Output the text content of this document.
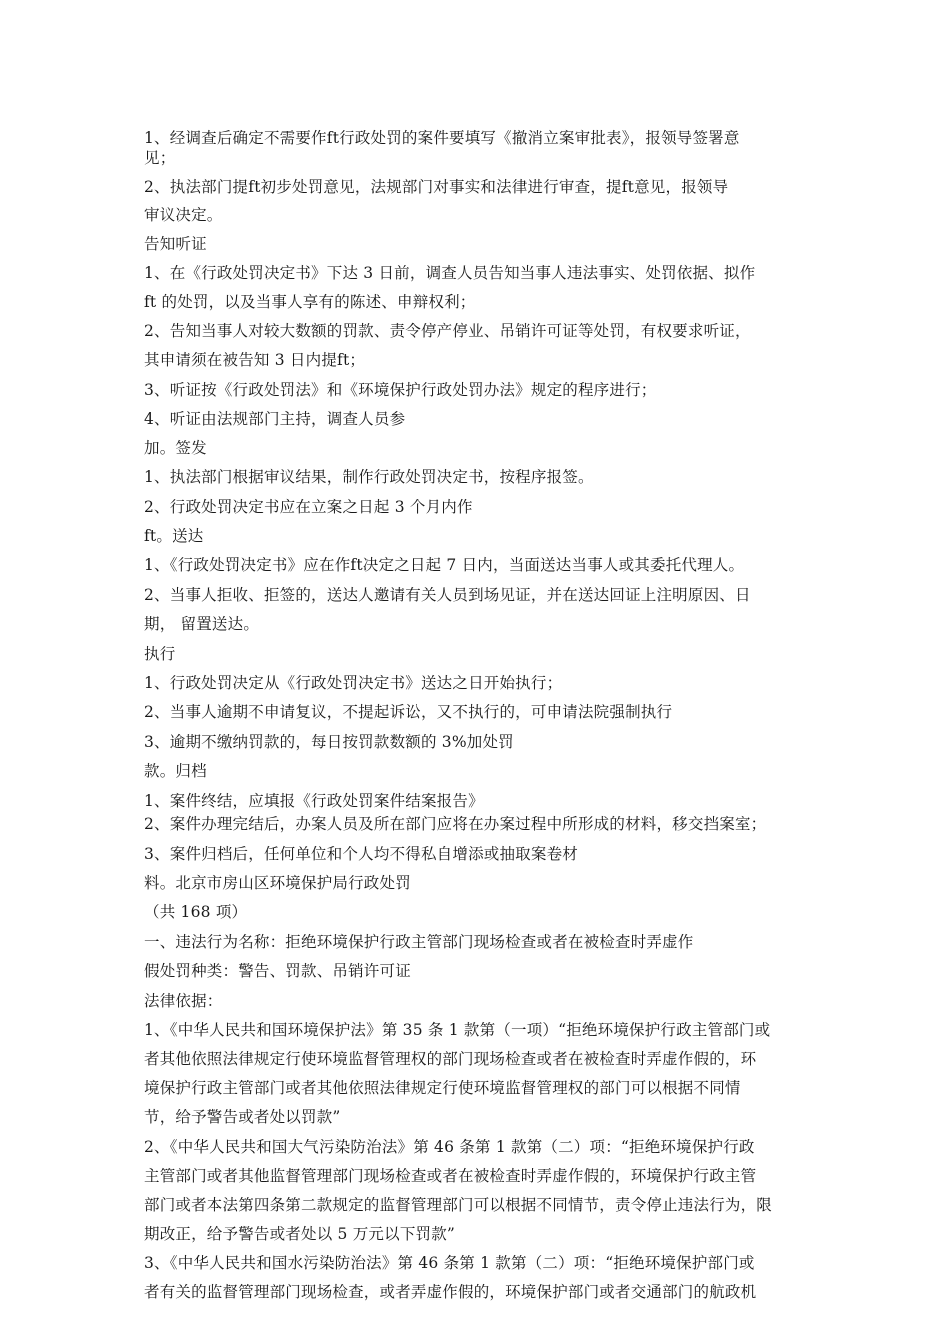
1、经调查后确定不需要作ft行政处罚的案件要填写《撤消立案审批表》，报领导签署意

见；

2、执法部门提ft初步处罚意见，法规部门对事实和法律进行审查，提ft意见，报领导

审议决定。

告知听证

1、在《行政处罚决定书》下达 3 日前，调查人员告知当事人违法事实、处罚依据、拟作

ft 的处罚，以及当事人享有的陈述、申辩权利；

2、告知当事人对较大数额的罚款、责令停产停业、吊销许可证等处罚，有权要求听证，

其申请须在被告知 3 日内提ft；

3、听证按《行政处罚法》和《环境保护行政处罚办法》规定的程序进行；

4、听证由法规部门主持，调查人员参

加。签发

1、执法部门根据审议结果，制作行政处罚决定书，按程序报签。

2、行政处罚决定书应在立案之日起 3 个月内作

ft。送达

1、《行政处罚决定书》应在作ft决定之日起 7 日内，当面送达当事人或其委托代理人。

2、当事人拒收、拒签的，送达人邀请有关人员到场见证，并在送达回证上注明原因、日

期， 留置送达。

执行

1、行政处罚决定从《行政处罚决定书》送达之日开始执行；

2、当事人逾期不申请复议，不提起诉讼，又不执行的，可申请法院强制执行

3、逾期不缴纳罚款的，每日按罚款数额的 3%加处罚

款。归档

1、案件终结，应填报《行政处罚案件结案报告》

2、案件办理完结后，办案人员及所在部门应将在办案过程中所形成的材料，移交挡案室；

3、案件归档后，任何单位和个人均不得私自增添或抽取案卷材

料。北京市房山区环境保护局行政处罚

（共 168 项）

一、违法行为名称：拒绝环境保护行政主管部门现场检查或者在被检查时弄虚作

假处罚种类：警告、罚款、吊销许可证

法律依据：

1、《中华人民共和国环境保护法》第 35 条 1 款第（一项）“拒绝环境保护行政主管部门或

者其他依照法律规定行使环境监督管理权的部门现场检查或者在被检查时弄虚作假的，环

境保护行政主管部门或者其他依照法律规定行使环境监督管理权的部门可以根据不同情

节，给予警告或者处以罚款”

2、《中华人民共和国大气污染防治法》第 46 条第 1 款第（二）项：“拒绝环境保护行政

主管部门或者其他监督管理部门现场检查或者在被检查时弄虚作假的，环境保护行政主管

部门或者本法第四条第二款规定的监督管理部门可以根据不同情节，责令停止违法行为，限

期改正，给予警告或者处以 5 万元以下罚款”

3、《中华人民共和国水污染防治法》第 46 条第 1 款第（二）项：“拒绝环境保护部门或

者有关的监督管理部门现场检查，或者弄虚作假的，环境保护部门或者交通部门的航政机
